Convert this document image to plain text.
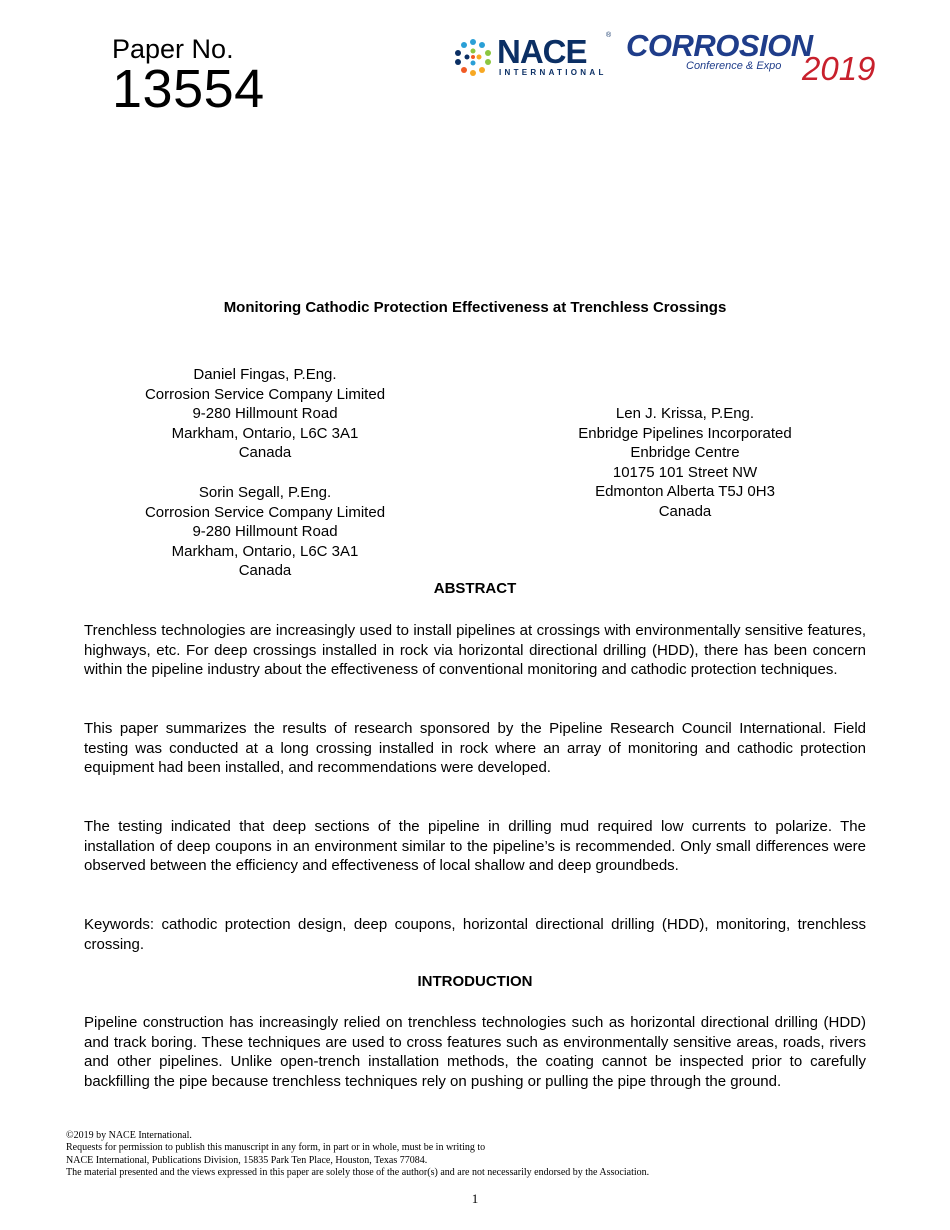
Paper No.
13554
NACE	®
INTERNATIONAL
CORROSION
Conference & Expo 2019
Monitoring Cathodic Protection Effectiveness at Trenchless Crossings
Daniel Fingas, P.Eng.
Corrosion Service Company Limited
9-280 Hillmount Road
Markham, Ontario, L6C 3A1
Canada
Sorin Segall, P.Eng.
Corrosion Service Company Limited
9-280 Hillmount Road
Markham, Ontario, L6C 3A1
Canada
Len J. Krissa, P.Eng.
Enbridge Pipelines Incorporated
Enbridge Centre
10175 101 Street NW
Edmonton Alberta T5J 0H3
Canada
ABSTRACT

Trenchless technologies are increasingly used to install pipelines at crossings with environmentally sensitive features, highways, etc. For deep crossings installed in rock via horizontal directional drilling (HDD), there has been concern within the pipeline industry about the effectiveness of conventional monitoring and cathodic protection techniques.

This paper summarizes the results of research sponsored by the Pipeline Research Council International. Field testing was conducted at a long crossing installed in rock where an array of monitoring and cathodic protection equipment had been installed, and recommendations were developed.

The testing indicated that deep sections of the pipeline in drilling mud required low currents to polarize. The installation of deep coupons in an environment similar to the pipeline’s is recommended. Only small differences were observed between the efficiency and effectiveness of local shallow and deep groundbeds.

Keywords: cathodic protection design, deep coupons, horizontal directional drilling (HDD), monitoring, trenchless crossing.

INTRODUCTION

Pipeline construction has increasingly relied on trenchless technologies such as horizontal directional drilling (HDD) and track boring. These techniques are used to cross features such as environmentally sensitive areas, roads, rivers and other pipelines. Unlike open-trench installation methods, the coating cannot be inspected prior to carefully backfilling the pipe because trenchless techniques rely on pushing or pulling the pipe through the ground.

©2019 by NACE International.
Requests for permission to publish this manuscript in any form, in part or in whole, must be in writing to
NACE International, Publications Division, 15835 Park Ten Place, Houston, Texas 77084.
The material presented and the views expressed in this paper are solely those of the author(s) and are not necessarily endorsed by the Association.
1
